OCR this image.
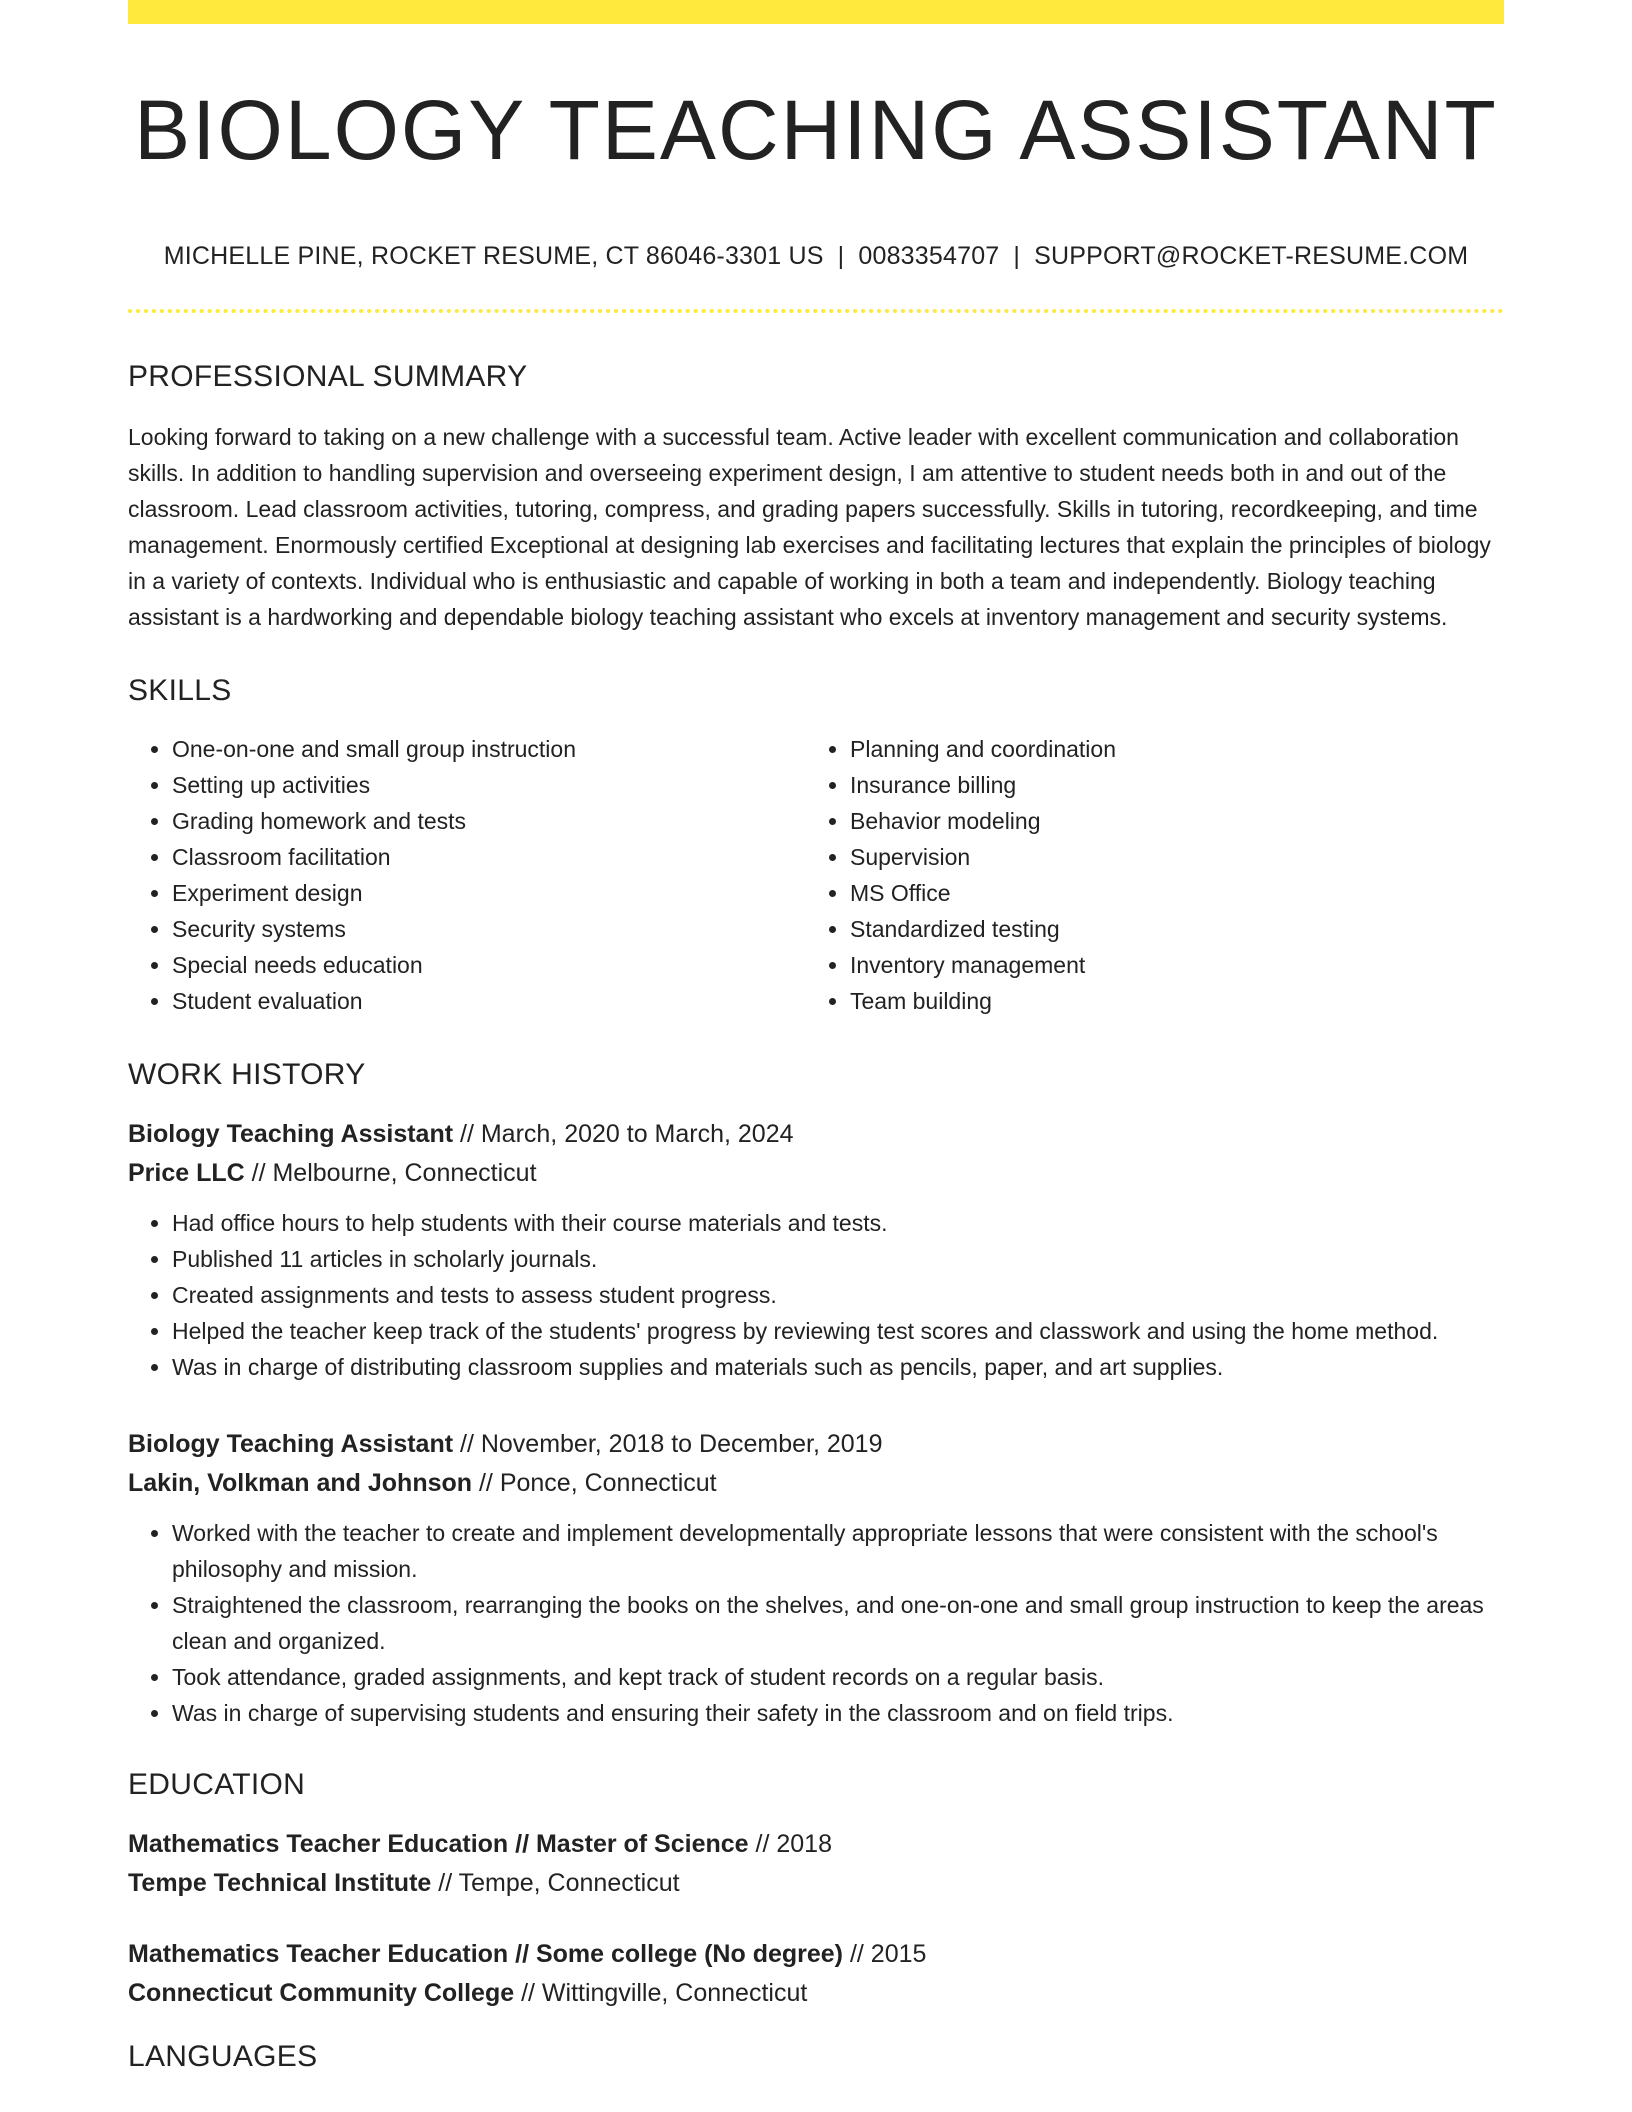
BIOLOGY TEACHING ASSISTANT
MICHELLE PINE, ROCKET RESUME, CT 86046-3301 US | 0083354707 | SUPPORT@ROCKET-RESUME.COM
PROFESSIONAL SUMMARY

Looking forward to taking on a new challenge with a successful team. Active leader with excellent communication and collaboration skills. In addition to handling supervision and overseeing experiment design, I am attentive to student needs both in and out of the classroom. Lead classroom activities, tutoring, compress, and grading papers successfully. Skills in tutoring, recordkeeping, and time management. Enormously certified Exceptional at designing lab exercises and facilitating lectures that explain the principles of biology in a variety of contexts. Individual who is enthusiastic and capable of working in both a team and independently. Biology teaching assistant is a hardworking and dependable biology teaching assistant who excels at inventory management and security systems.

SKILLS
• One-on-one and small group instruction
• Setting up activities
• Grading homework and tests
• Classroom facilitation
• Experiment design
• Security systems
• Special needs education
• Student evaluation
• Planning and coordination
• Insurance billing
• Behavior modeling
• Supervision
• MS Office
• Standardized testing
• Inventory management
• Team building
WORK HISTORY
Biology Teaching Assistant // March, 2020 to March, 2024
Price LLC // Melbourne, Connecticut
• Had office hours to help students with their course materials and tests.
• Published 11 articles in scholarly journals.
• Created assignments and tests to assess student progress.
• Helped the teacher keep track of the students' progress by reviewing test scores and classwork and using the home method.
• Was in charge of distributing classroom supplies and materials such as pencils, paper, and art supplies.
Biology Teaching Assistant // November, 2018 to December, 2019
Lakin, Volkman and Johnson // Ponce, Connecticut
• Worked with the teacher to create and implement developmentally appropriate lessons that were consistent with the school's philosophy and mission.
• Straightened the classroom, rearranging the books on the shelves, and one-on-one and small group instruction to keep the areas clean and organized.
• Took attendance, graded assignments, and kept track of student records on a regular basis.
• Was in charge of supervising students and ensuring their safety in the classroom and on field trips.
EDUCATION
Mathematics Teacher Education // Master of Science // 2018
Tempe Technical Institute // Tempe, Connecticut
Mathematics Teacher Education // Some college (No degree) // 2015
Connecticut Community College // Wittingville, Connecticut
LANGUAGES
